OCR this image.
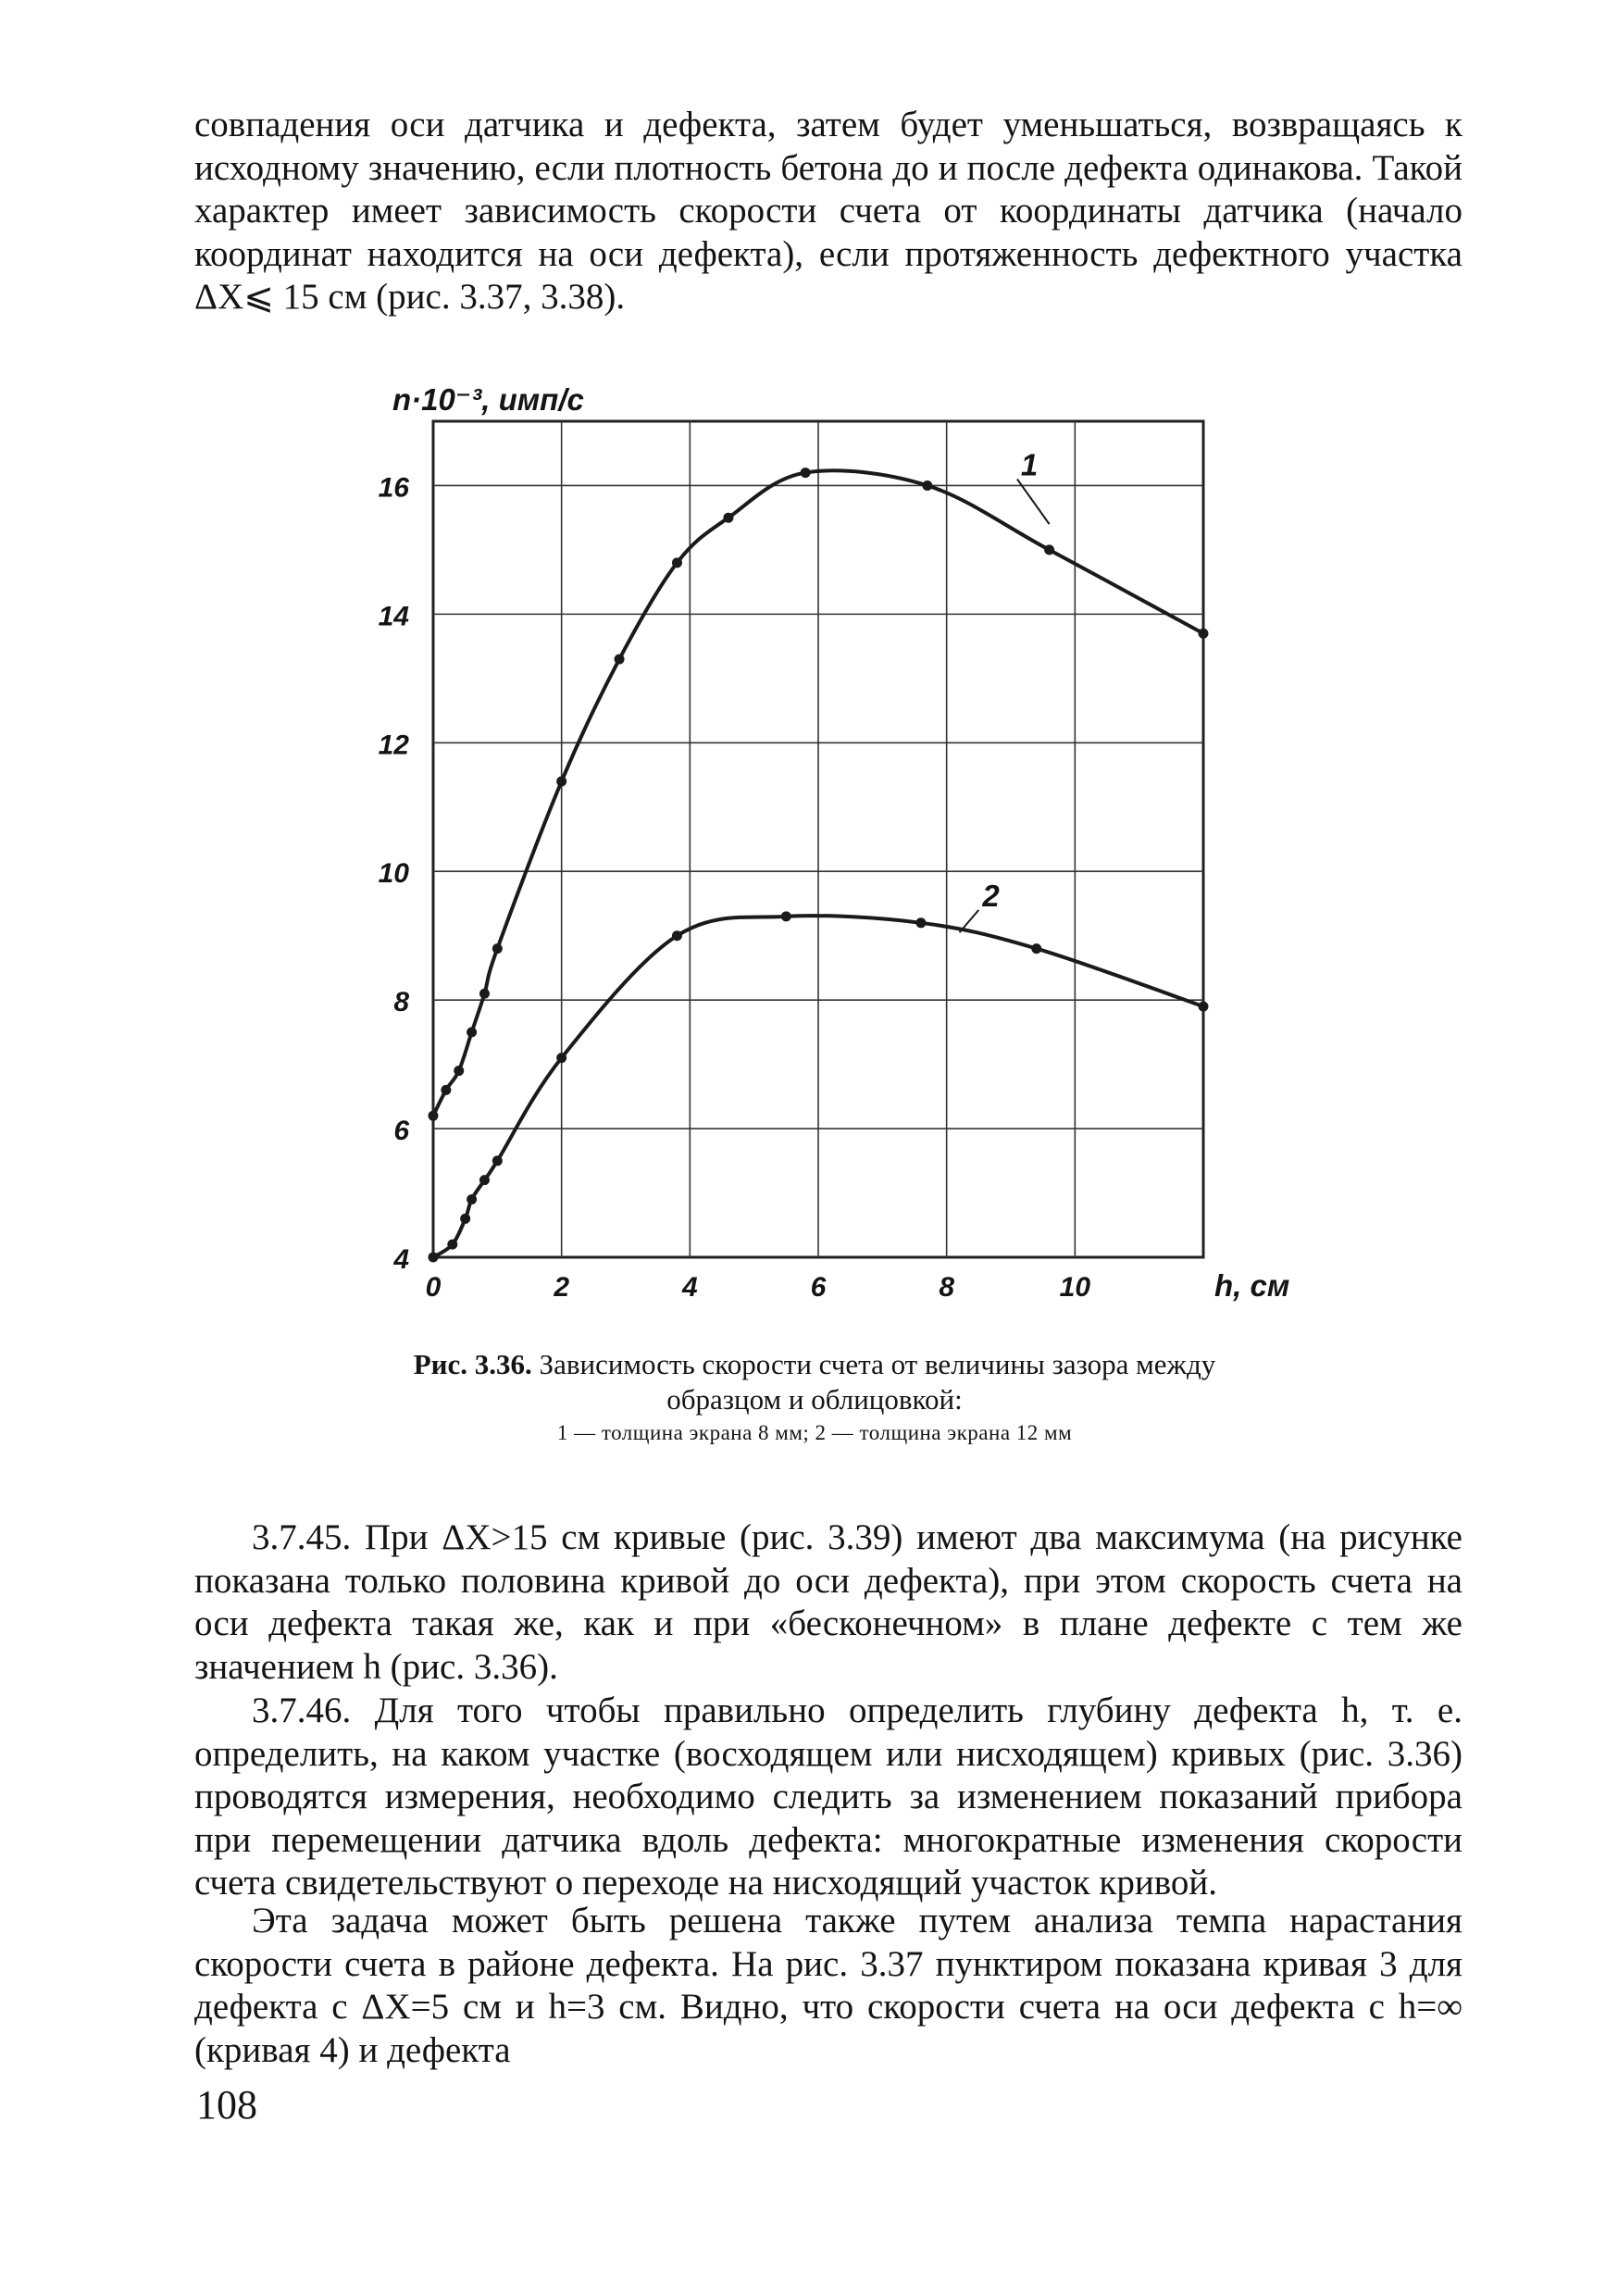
совпадения оси датчика и дефекта, затем будет уменьшаться, возвращаясь к исходному значению, если плотность бетона до и после дефекта одинакова. Такой характер имеет зависимость скорости счета от координаты датчика (начало координат находится на оси дефекта), если протяженность дефектного участка ΔX⩽ 15 см (рис. 3.37, 3.38).

0	2	4	6	8	10
4
6
8
10
12
14
16
n·10⁻³, имп/с
h, см
1
2
Рис. 3.36. Зависимость скорости счета от величины зазора между образцом и облицовкой:
1 — толщина экрана 8 мм; 2 — толщина экрана 12 мм

3.7.45. При ΔX>15 см кривые (рис. 3.39) имеют два максимума (на рисунке показана только половина кривой до оси дефекта), при этом скорость счета на оси дефекта такая же, как и при «бесконечном» в плане дефекте с тем же значением h (рис. 3.36).

3.7.46. Для того чтобы правильно определить глубину дефекта h, т. е. определить, на каком участке (восходящем или нисходящем) кривых (рис. 3.36) проводятся измерения, необходимо следить за изменением показаний прибора при перемещении датчика вдоль дефекта: многократные изменения скорости счета свидетельствуют о переходе на нисходящий участок кривой.

Эта задача может быть решена также путем анализа темпа нарастания скорости счета в районе дефекта. На рис. 3.37 пунктиром показана кривая 3 для дефекта с ΔX=5 см и h=3 см. Видно, что скорости счета на оси дефекта с h=∞ (кривая 4) и дефекта

108
